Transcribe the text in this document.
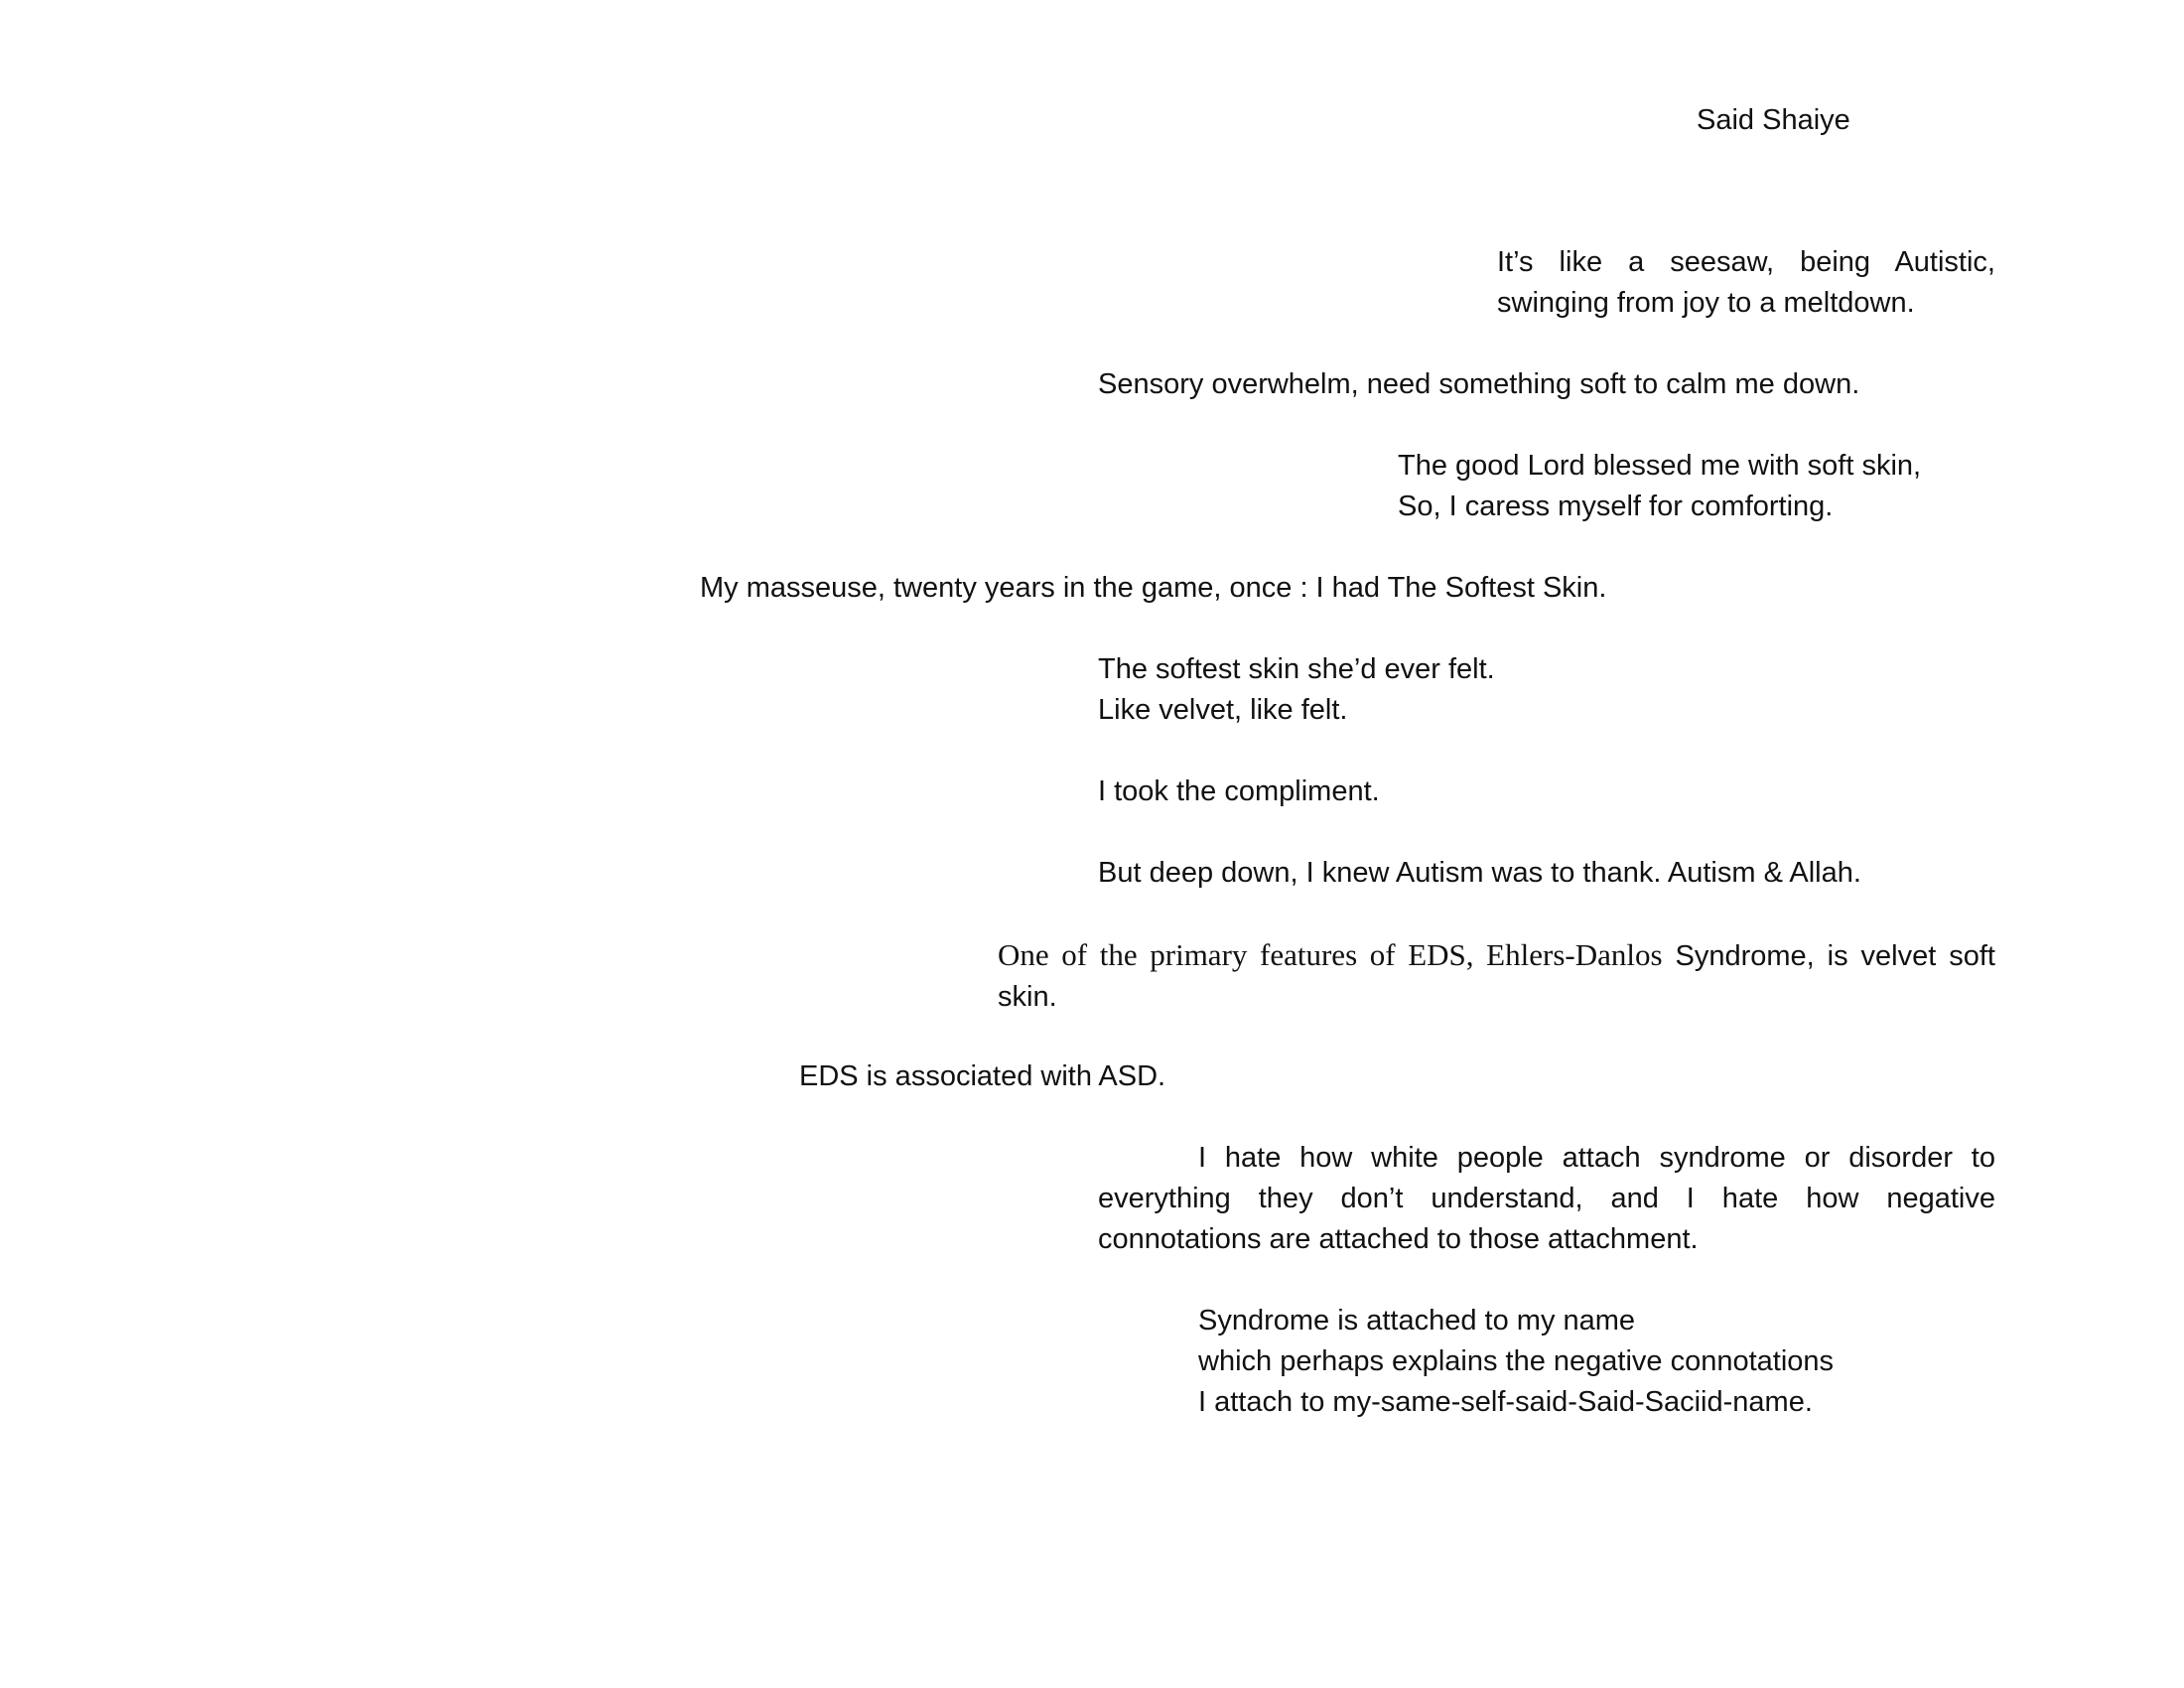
Said Shaiye

It’s like a seesaw, being Autistic, swinging from joy to a meltdown.

Sensory overwhelm, need something soft to calm me down.
The good Lord blessed me with soft skin,
So, I caress myself for comforting.
My masseuse, twenty years in the game, once : I had The Softest Skin.
The softest skin she’d ever felt.
Like velvet, like felt.
I took the compliment.
But deep down, I knew Autism was to thank. Autism & Allah.

One of the primary features of EDS, Ehlers-Danlos Syndrome, is velvet soft skin.

EDS is associated with ASD.

I hate how white people attach syndrome or disorder to everything they don’t understand, and I hate how negative connotations are attached to those attachment.

Syndrome is attached to my name
which perhaps explains the negative connotations
I attach to my-same-self-said-Said-Saciid-name.
